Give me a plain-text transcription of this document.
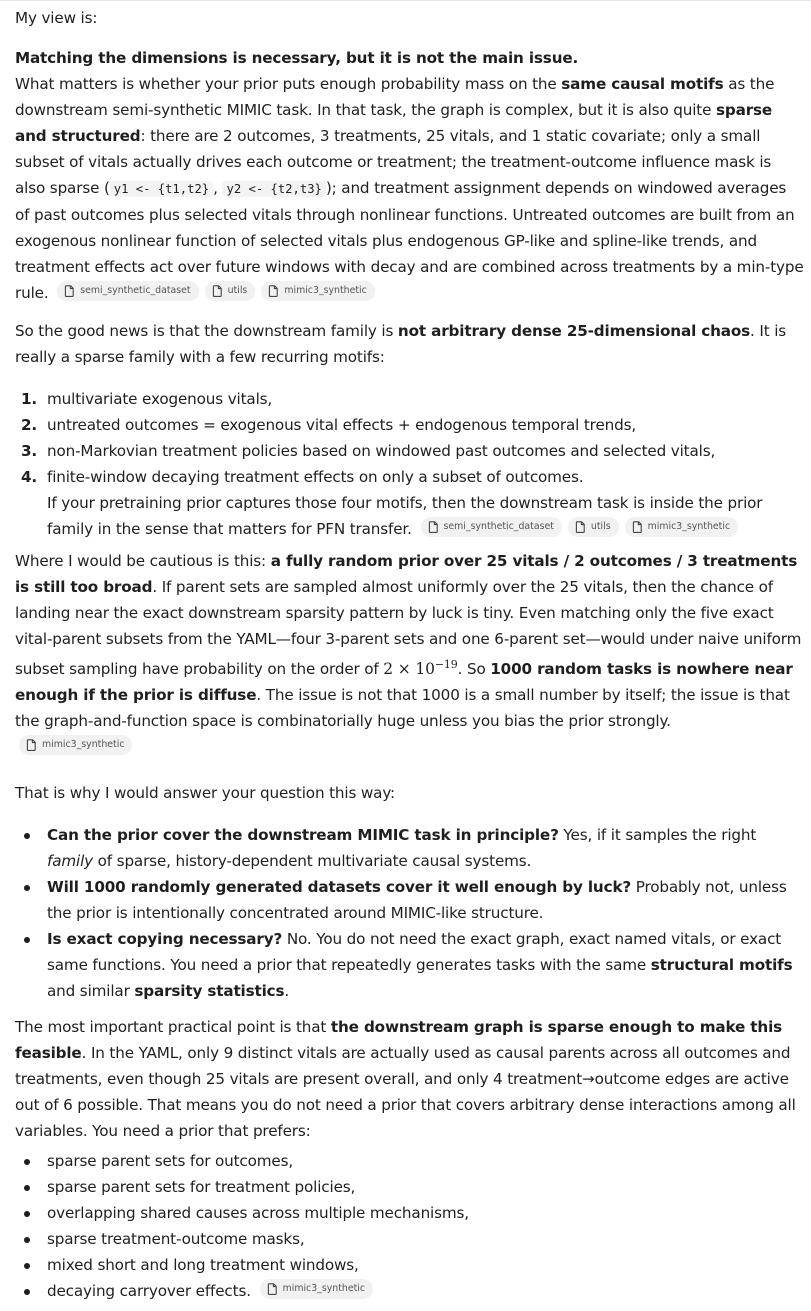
My view is:

Matching the dimensions is necessary, but it is not the main issue.
What matters is whether your prior puts enough probability mass on the same causal motifs as the downstream semi-synthetic MIMIC task. In that task, the graph is complex, but it is also quite sparse and structured: there are 2 outcomes, 3 treatments, 25 vitals, and 1 static covariate; only a small subset of vitals actually drives each outcome or treatment; the treatment-outcome influence mask is also sparse ( y1 <- {t1,t2} , y2 <- {t2,t3} ); and treatment assignment depends on windowed averages of past outcomes plus selected vitals through nonlinear functions. Untreated outcomes are built from an exogenous nonlinear function of selected vitals plus endogenous GP-like and spline-like trends, and treatment effects act over future windows with decay and are combined across treatments by a min-type rule.	semi_synthetic_dataset	utils	mimic3_synthetic

So the good news is that the downstream family is not arbitrary dense 25-dimensional chaos. It is really a sparse family with a few recurring motifs:

1. multivariate exogenous vitals,
2. untreated outcomes = exogenous vital effects + endogenous temporal trends,
3. non-Markovian treatment policies based on windowed past outcomes and selected vitals,
4. finite-window decaying treatment effects on only a subset of outcomes.
If your pretraining prior captures those four motifs, then the downstream task is inside the prior family in the sense that matters for PFN transfer.	semi_synthetic_dataset	utils	mimic3_synthetic

Where I would be cautious is this: a fully random prior over 25 vitals / 2 outcomes / 3 treatments is still too broad. If parent sets are sampled almost uniformly over the 25 vitals, then the chance of landing near the exact downstream sparsity pattern by luck is tiny. Even matching only the five exact vital-parent subsets from the YAML—four 3-parent sets and one 6-parent set—would under naive uniform subset sampling have probability on the order of $2 \times 10^{-19}$. So 1000 random tasks is nowhere near enough if the prior is diffuse. The issue is not that 1000 is a small number by itself; the issue is that the graph-and-function space is combinatorially huge unless you bias the prior strongly.

mimic3_synthetic

That is why I would answer your question this way:

Can the prior cover the downstream MIMIC task in principle? Yes, if it samples the right family of sparse, history-dependent multivariate causal systems.
Will 1000 randomly generated datasets cover it well enough by luck? Probably not, unless the prior is intentionally concentrated around MIMIC-like structure.
Is exact copying necessary? No. You do not need the exact graph, exact named vitals, or exact same functions. You need a prior that repeatedly generates tasks with the same structural motifs and similar sparsity statistics.

The most important practical point is that the downstream graph is sparse enough to make this feasible. In the YAML, only 9 distinct vitals are actually used as causal parents across all outcomes and treatments, even though 25 vitals are present overall, and only 4 treatment→outcome edges are active out of 6 possible. That means you do not need a prior that covers arbitrary dense interactions among all variables. You need a prior that prefers:

sparse parent sets for outcomes,
sparse parent sets for treatment policies,
overlapping shared causes across multiple mechanisms,
sparse treatment-outcome masks,
mixed short and long treatment windows,
decaying carryover effects.	mimic3_synthetic
